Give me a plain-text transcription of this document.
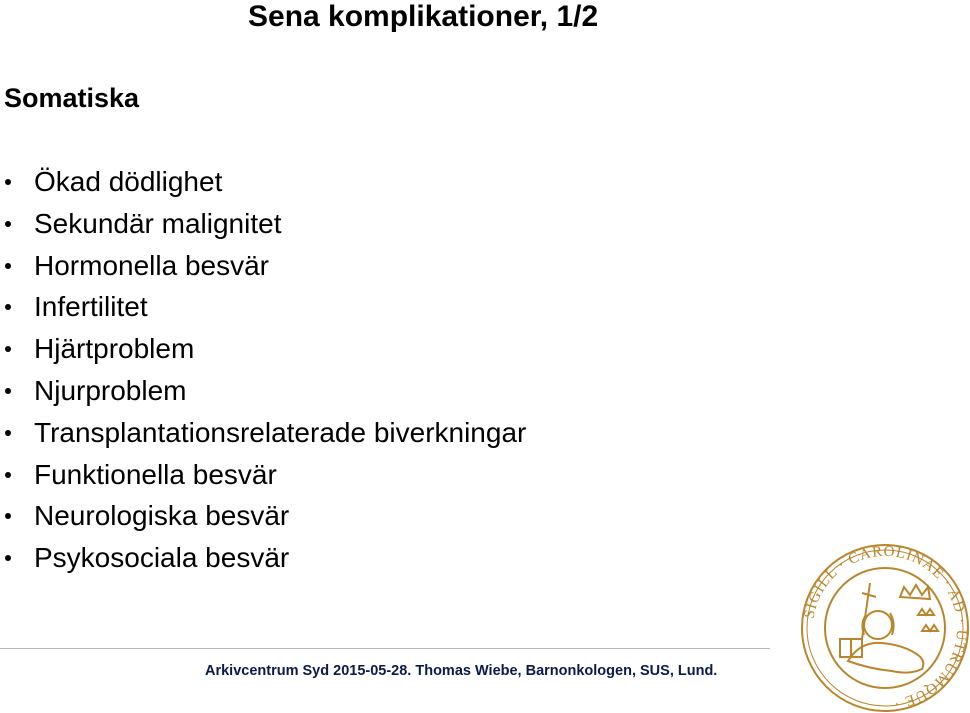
Sena komplikationer, 1/2
Somatiska
Ökad dödlighet
Sekundär malignitet
Hormonella besvär
Infertilitet
Hjärtproblem
Njurproblem
Transplantationsrelaterade biverkningar
Funktionella besvär
Neurologiska besvär
Psykosociala besvär
Arkivcentrum Syd 2015-05-28. Thomas Wiebe, Barnonkologen, SUS, Lund.
SIGILL · CAROLINAE · AD · UTRUMQUE ·
